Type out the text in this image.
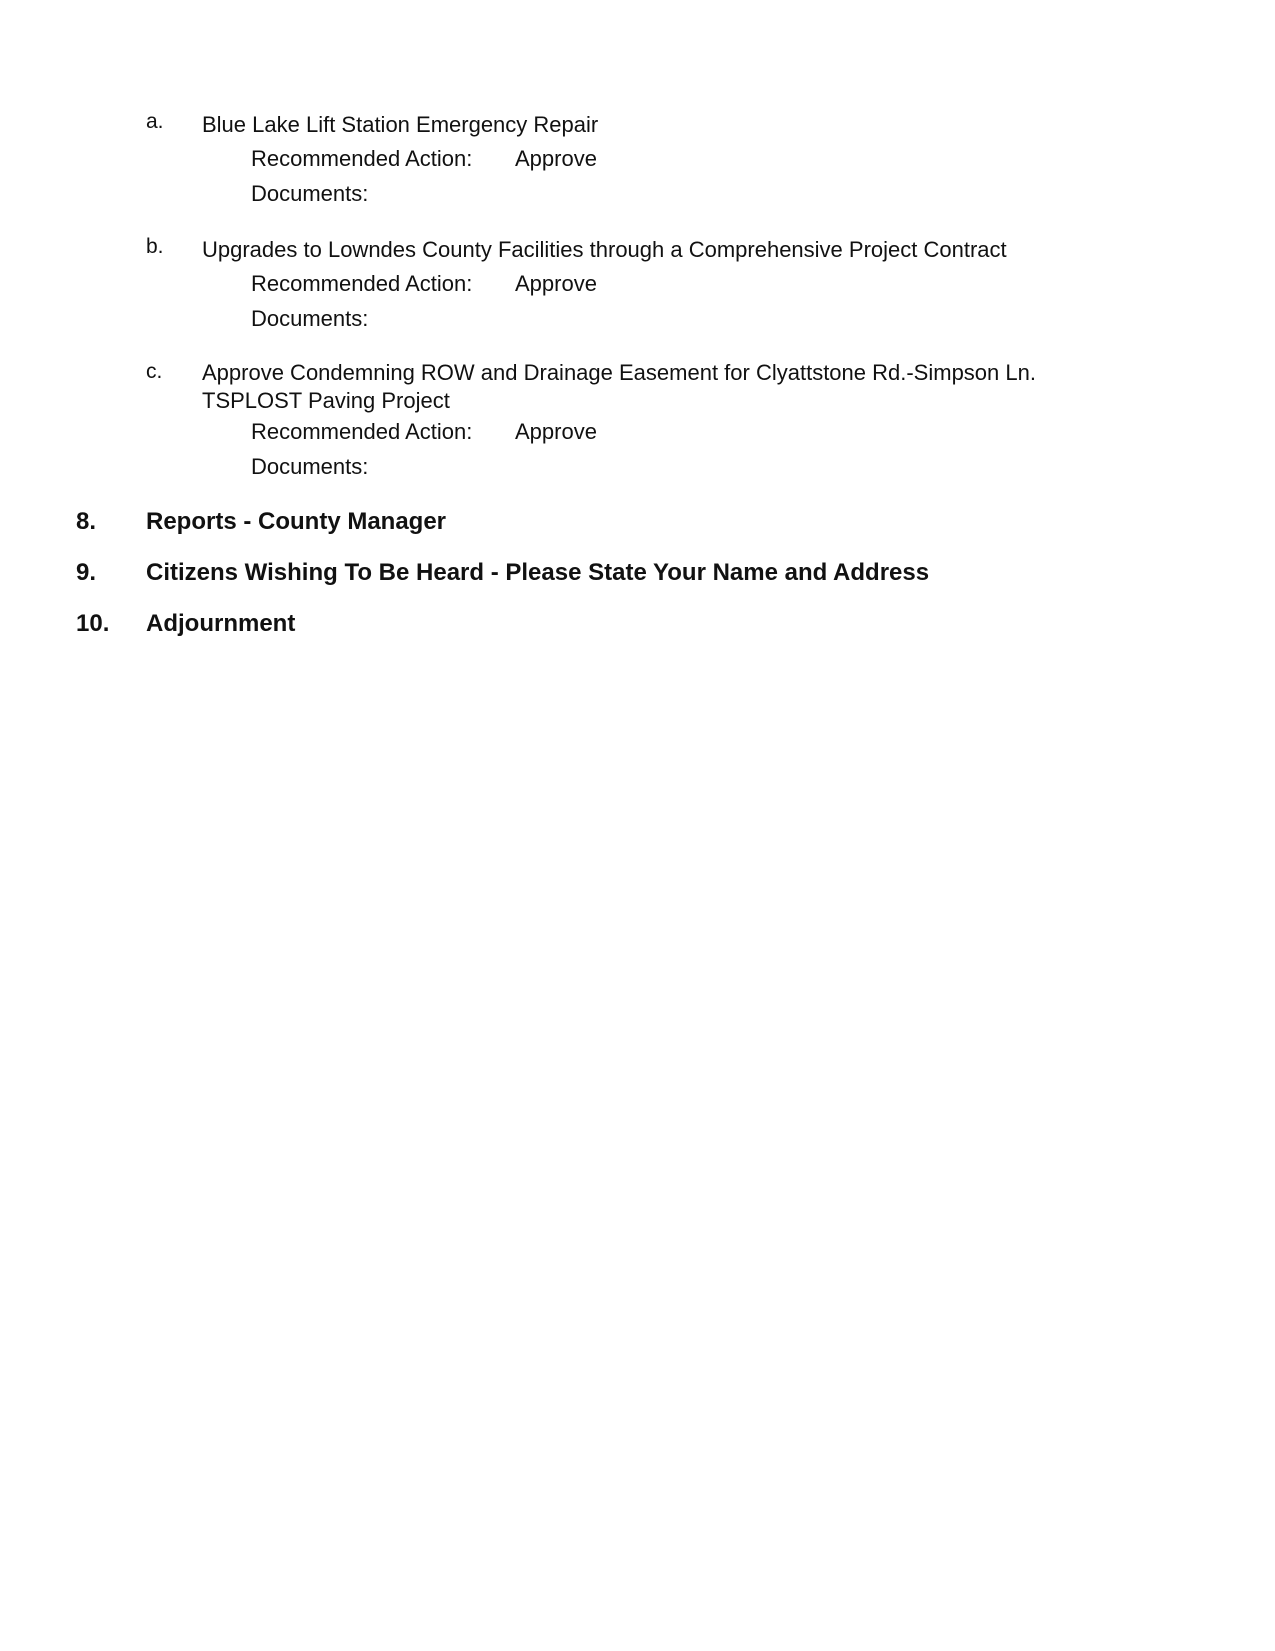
a. Blue Lake Lift Station Emergency Repair
Recommended Action: Approve
Documents:
b. Upgrades to Lowndes County Facilities through a Comprehensive Project Contract
Recommended Action: Approve
Documents:
c. Approve Condemning ROW and Drainage Easement for Clyattstone Rd.-Simpson Ln.
TSPLOST Paving Project
Recommended Action: Approve
Documents:
8. Reports - County Manager
9. Citizens Wishing To Be Heard - Please State Your Name and Address
10. Adjournment
